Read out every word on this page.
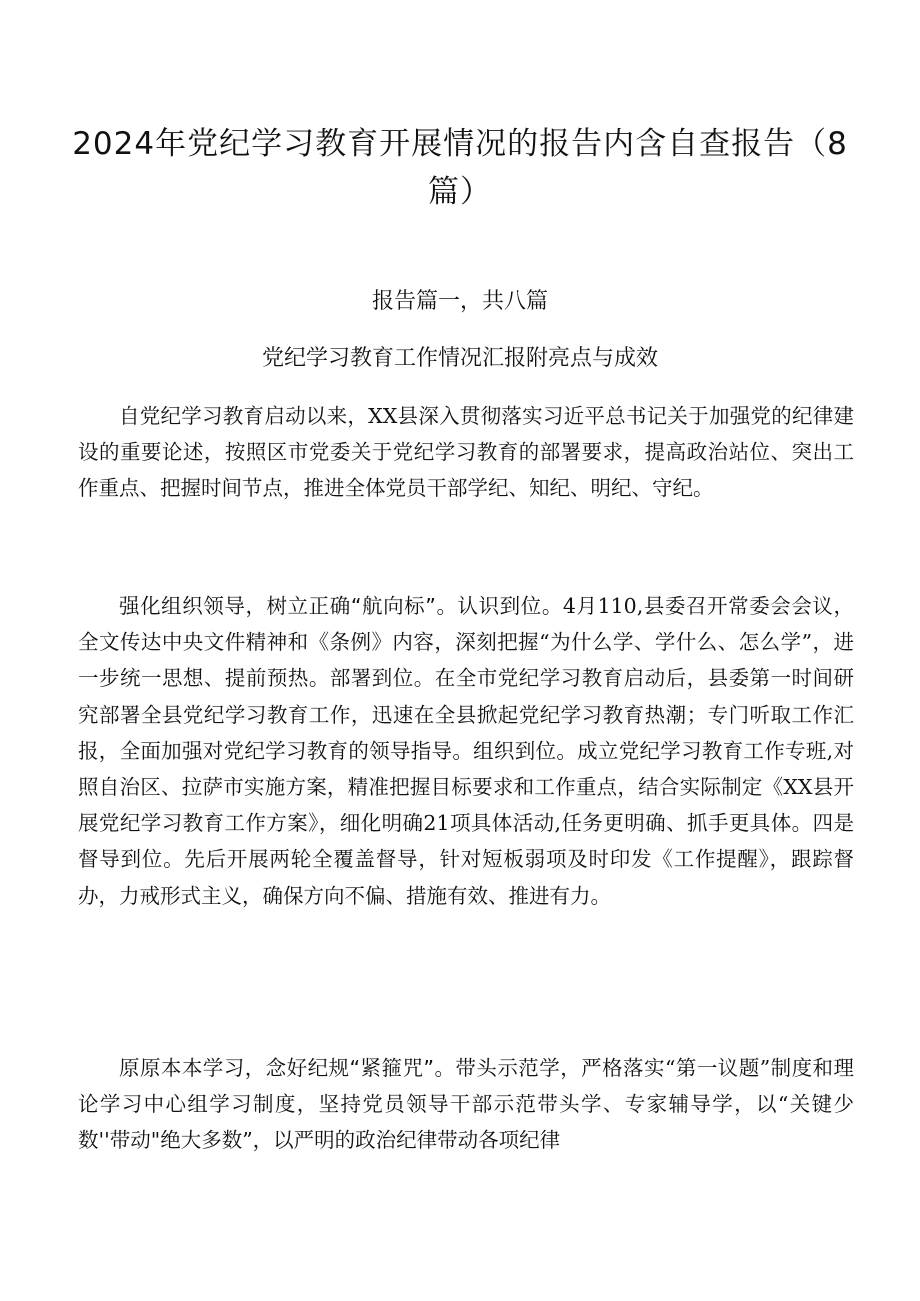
2024年党纪学习教育开展情况的报告内含自查报告（8篇）
报告篇一，共八篇
党纪学习教育工作情况汇报附亮点与成效

自党纪学习教育启动以来，XX县深入贯彻落实习近平总书记关于加强党的纪律建设的重要论述，按照区市党委关于党纪学习教育的部署要求，提高政治站位、突出工作重点、把握时间节点，推进全体党员干部学纪、知纪、明纪、守纪。

强化组织领导，树立正确“航向标”。认识到位。4月110,县委召开常委会会议，全文传达中央文件精神和《条例》内容，深刻把握“为什么学、学什么、怎么学”，进一步统一思想、提前预热。部署到位。在全市党纪学习教育启动后，县委第一时间研究部署全县党纪学习教育工作，迅速在全县掀起党纪学习教育热潮；专门听取工作汇报，全面加强对党纪学习教育的领导指导。组织到位。成立党纪学习教育工作专班,对照自治区、拉萨市实施方案，精准把握目标要求和工作重点，结合实际制定《XX县开展党纪学习教育工作方案》，细化明确21项具体活动,任务更明确、抓手更具体。四是督导到位。先后开展两轮全覆盖督导，针对短板弱项及时印发《工作提醒》，跟踪督办，力戒形式主义，确保方向不偏、措施有效、推进有力。

原原本本学习，念好纪规“紧箍咒”。带头示范学，严格落实“第一议题”制度和理论学习中心组学习制度，坚持党员领导干部示范带头学、专家辅导学，以“关键少数''带动"绝大多数”，以严明的政治纪律带动各项纪律
